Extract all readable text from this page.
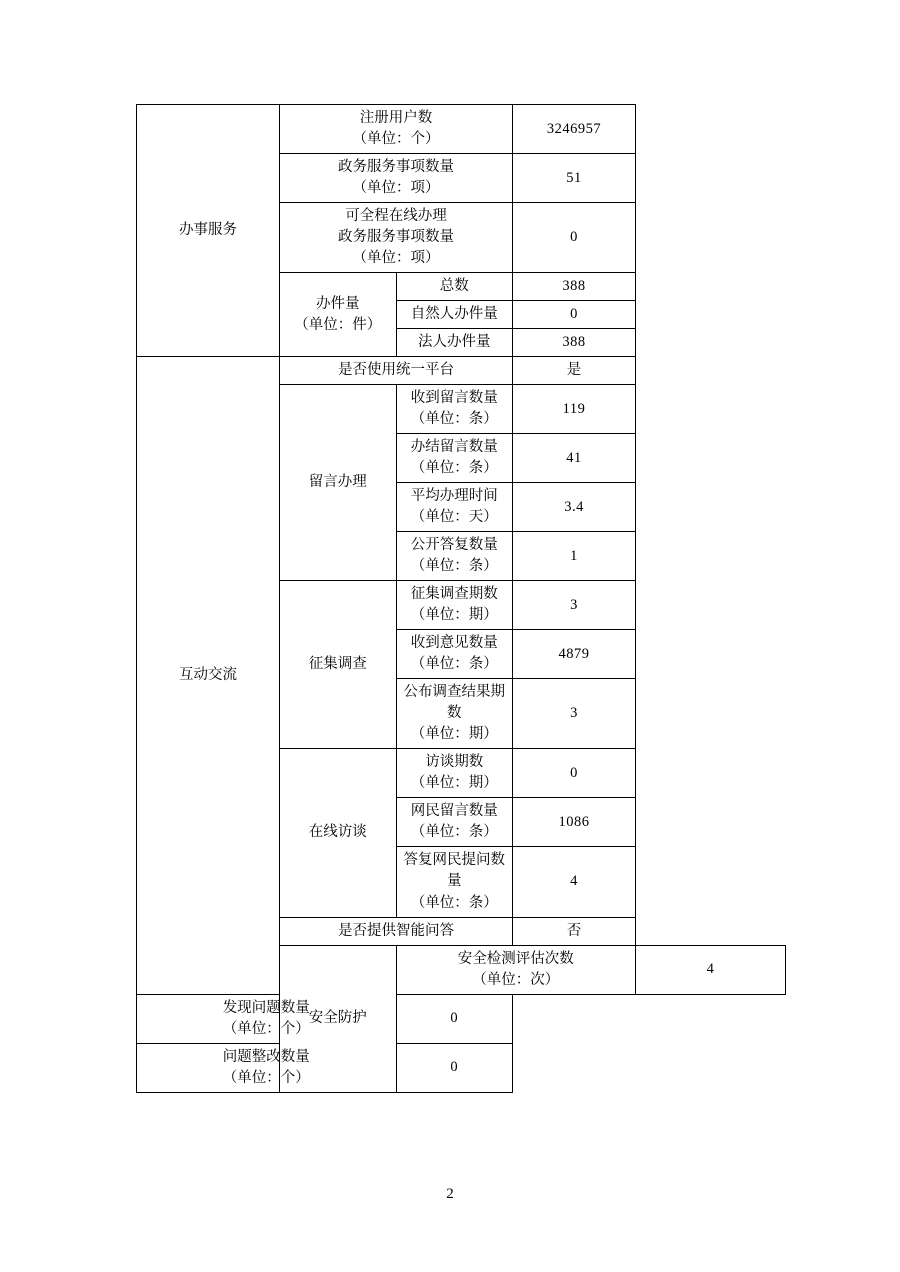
办事服务	注册用户数
（单位：个）		3246957	

	政务服务事项数量
（单位：项）		51	

	可全程在线办理
政务服务事项数量
（单位：项）		0	

	办件量
（单位：件）	总数	388	
		自然人办件量	0	
		法人办件量	388	
互动交流	是否使用统一平台		是	
	留言办理	收到留言数量
（单位：条）	119	

		办结留言数量
（单位：条）	41	

		平均办理时间
（单位：天）	3.4	

		公开答复数量
（单位：条）	1	
	征集调查	征集调查期数
（单位：期）	3	

		收到意见数量
（单位：条）	4879	

		公布调查结果期数
（单位：期）	3	
	在线访谈	访谈期数
（单位：期）	0	

		网民留言数量
（单位：条）	1086	

		答复网民提问数量
（单位：条）	4	
	是否提供智能问答		否	
	安全防护	安全检测评估次数
（单位：次）		4

发现问题数量
（单位：个）		0		

问题整改数量
（单位：个）		0		
2
